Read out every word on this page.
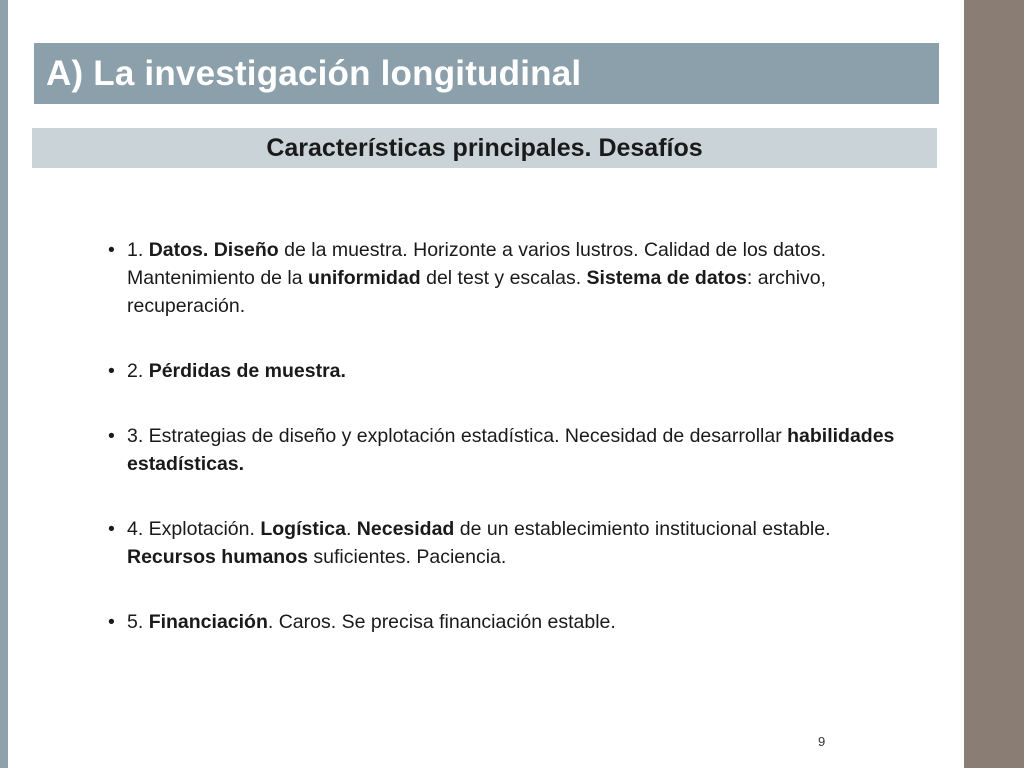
A) La investigación longitudinal
Características principales. Desafíos
• 1. Datos. Diseño de la muestra. Horizonte a varios lustros. Calidad de los datos. Mantenimiento de la uniformidad del test y escalas. Sistema de datos: archivo, recuperación.
• 2. Pérdidas de muestra.
• 3. Estrategias de diseño y explotación estadística. Necesidad de desarrollar habilidades estadísticas.
• 4. Explotación. Logística. Necesidad de un establecimiento institucional estable. Recursos humanos suficientes. Paciencia.
• 5. Financiación. Caros. Se precisa financiación estable.
9
